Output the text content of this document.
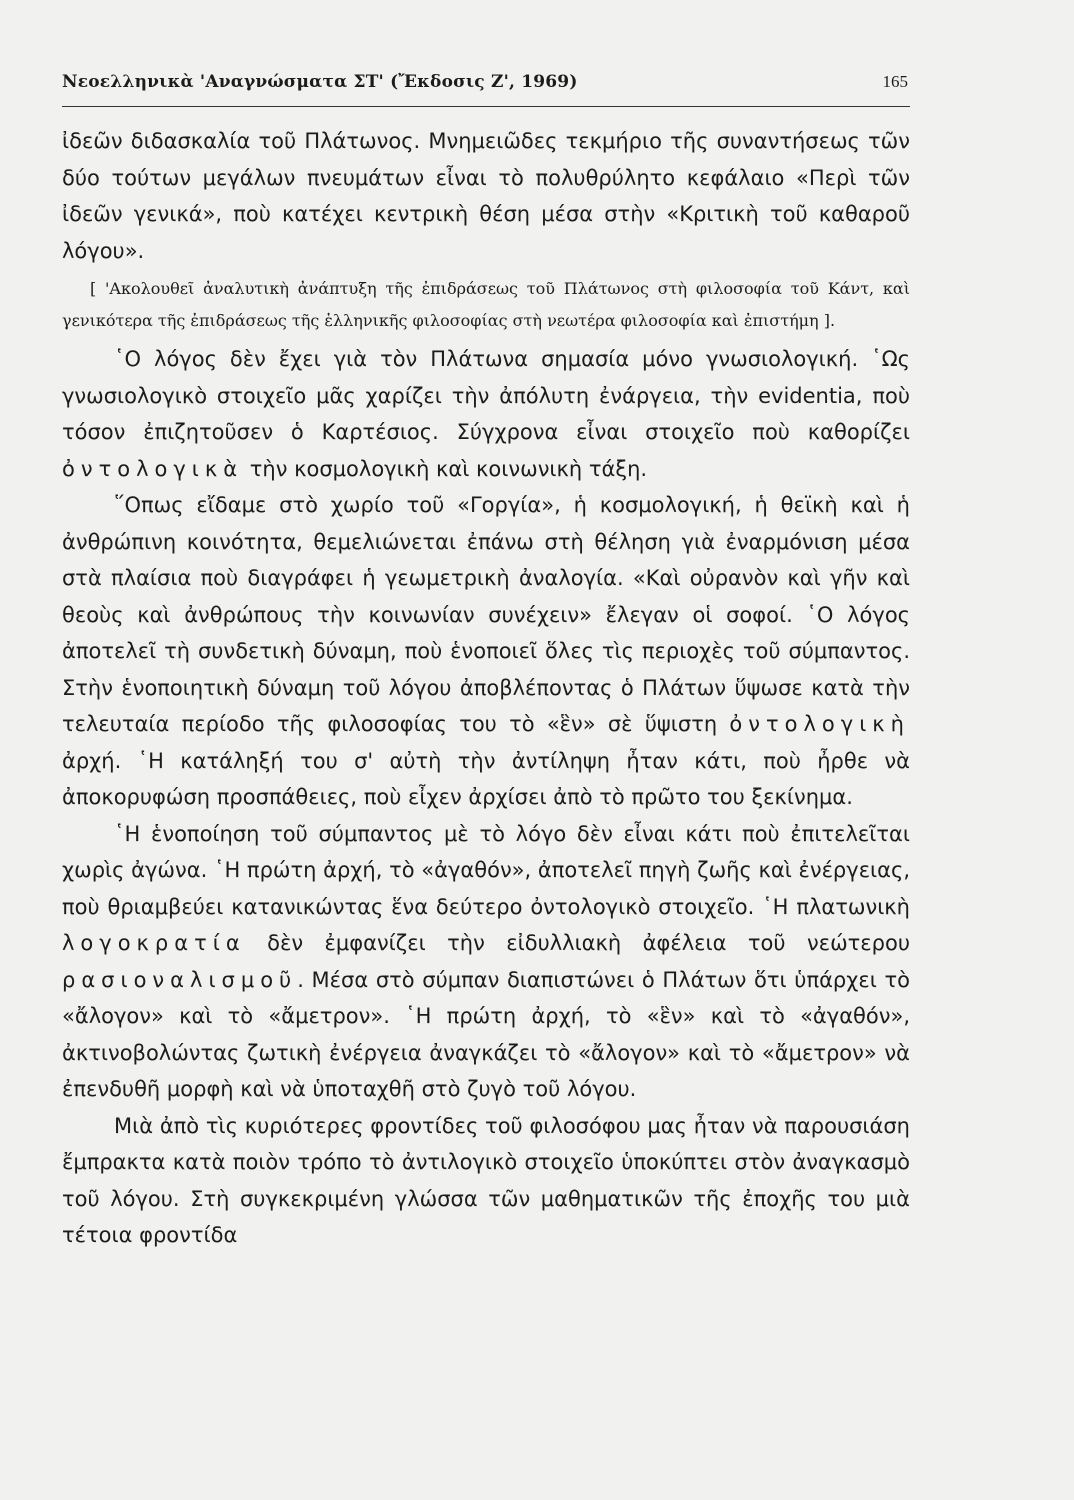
Νεοελληνικὰ 'Αναγνώσματα ΣΤ' (Ἔκδοσις Ζ', 1969)	165

ἰδεῶν διδασκαλία τοῦ Πλάτωνος. Μνημειῶδες τεκμήριο τῆς συναντήσεως τῶν δύο τούτων μεγάλων πνευμάτων εἶναι τὸ πολυθρύλητο κεφάλαιο «Περὶ τῶν ἰδεῶν γενικά», ποὺ κατέχει κεντρικὴ θέση μέσα στὴν «Κριτικὴ τοῦ καθαροῦ λόγου».

[ 'Ακολουθεῖ ἀναλυτικὴ ἀνάπτυξη τῆς ἐπιδράσεως τοῦ Πλάτωνος στὴ φιλοσοφία τοῦ Κάντ, καὶ γενικότερα τῆς ἐπιδράσεως τῆς ἑλληνικῆς φιλοσοφίας στὴ νεωτέρα φιλοσοφία καὶ ἐπιστήμη ].

῾Ο λόγος δὲν ἔχει γιὰ τὸν Πλάτωνα σημασία μόνο γνωσιολογική. ῾Ως γνωσιολογικὸ στοιχεῖο μᾶς χαρίζει τὴν ἀπόλυτη ἐνάργεια, τὴν evidentia, ποὺ τόσον ἐπιζητοῦσεν ὁ Καρτέσιος. Σύγχρονα εἶναι στοιχεῖο ποὺ καθορίζει ὀντολογικὰ τὴν κοσμολογικὴ καὶ κοινωνικὴ τάξη.

῞Οπως εἴδαμε στὸ χωρίο τοῦ «Γοργία», ἡ κοσμολογική, ἡ θεϊκὴ καὶ ἡ ἀνθρώπινη κοινότητα, θεμελιώνεται ἐπάνω στὴ θέληση γιὰ ἐναρμόνιση μέσα στὰ πλαίσια ποὺ διαγράφει ἡ γεωμετρικὴ ἀναλογία. «Καὶ οὐρανὸν καὶ γῆν καὶ θεοὺς καὶ ἀνθρώπους τὴν κοινωνίαν συνέχειν» ἔλεγαν οἱ σοφοί. ῾Ο λόγος ἀποτελεῖ τὴ συνδετικὴ δύναμη, ποὺ ἑνοποιεῖ ὅλες τὶς περιοχὲς τοῦ σύμπαντος. Στὴν ἑνοποιητικὴ δύναμη τοῦ λόγου ἀποβλέποντας ὁ Πλάτων ὕψωσε κατὰ τὴν τελευταία περίοδο τῆς φιλοσοφίας του τὸ «ἓν» σὲ ὕψιστη ὀντολογικὴ ἀρχή. ῾Η κατάληξή του σ' αὐτὴ τὴν ἀντίληψη ἦταν κάτι, ποὺ ἦρθε νὰ ἀποκορυφώση προσπάθειες, ποὺ εἶχεν ἀρχίσει ἀπὸ τὸ πρῶτο του ξεκίνημα.

῾Η ἑνοποίηση τοῦ σύμπαντος μὲ τὸ λόγο δὲν εἶναι κάτι ποὺ ἐπιτελεῖται χωρὶς ἀγώνα. ῾Η πρώτη ἀρχή, τὸ «ἀγαθόν», ἀποτελεῖ πηγὴ ζωῆς καὶ ἐνέργειας, ποὺ θριαμβεύει κατανικώντας ἕνα δεύτερο ὀντολογικὸ στοιχεῖο. ῾Η πλατωνικὴ λογοκρατία δὲν ἐμφανίζει τὴν εἰδυλλιακὴ ἀφέλεια τοῦ νεώτερου ρασιοναλισμοῦ. Μέσα στὸ σύμπαν διαπιστώνει ὁ Πλάτων ὅτι ὑπάρχει τὸ «ἄλογον» καὶ τὸ «ἄμετρον». ῾Η πρώτη ἀρχή, τὸ «ἓν» καὶ τὸ «ἀγαθόν», ἀκτινοβολώντας ζωτικὴ ἐνέργεια ἀναγκάζει τὸ «ἄλογον» καὶ τὸ «ἄμετρον» νὰ ἐπενδυθῆ μορφὴ καὶ νὰ ὑποταχθῆ στὸ ζυγὸ τοῦ λόγου.

Μιὰ ἀπὸ τὶς κυριότερες φροντίδες τοῦ φιλοσόφου μας ἦταν νὰ παρουσιάση ἔμπρακτα κατὰ ποιὸν τρόπο τὸ ἀντιλογικὸ στοιχεῖο ὑποκύπτει στὸν ἀναγκασμὸ τοῦ λόγου. Στὴ συγκεκριμένη γλώσσα τῶν μαθηματικῶν τῆς ἐποχῆς του μιὰ τέτοια φροντίδα
